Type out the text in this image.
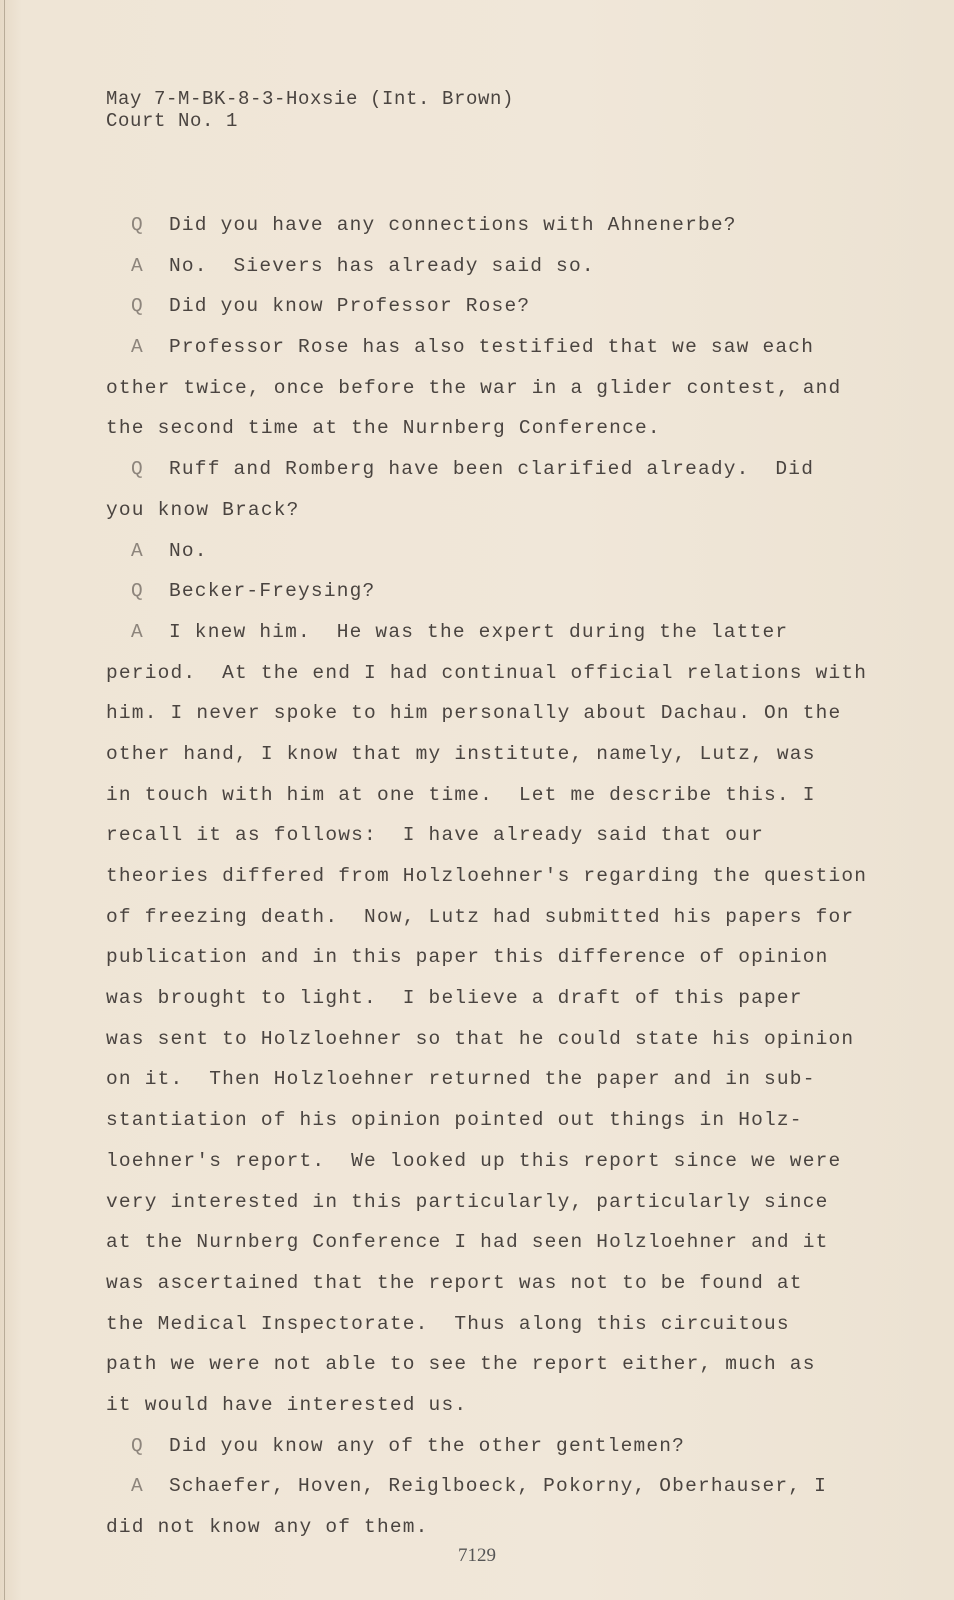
May 7-M-BK-8-3-Hoxsie (Int. Brown)
Court No. 1
Q Did you have any connections with Ahnenerbe?
A No.  Sievers has already said so.
Q Did you know Professor Rose?
A Professor Rose has also testified that we saw each
other twice, once before the war in a glider contest, and
the second time at the Nurnberg Conference.
Q Ruff and Romberg have been clarified already.  Did
you know Brack?
A No.
Q Becker-Freysing?
A I knew him.  He was the expert during the latter
period.  At the end I had continual official relations with
him. I never spoke to him personally about Dachau. On the
other hand, I know that my institute, namely, Lutz, was
in touch with him at one time.  Let me describe this. I
recall it as follows:  I have already said that our
theories differed from Holzloehner's regarding the question
of freezing death.  Now, Lutz had submitted his papers for
publication and in this paper this difference of opinion
was brought to light.  I believe a draft of this paper
was sent to Holzloehner so that he could state his opinion
on it.  Then Holzloehner returned the paper and in sub-
stantiation of his opinion pointed out things in Holz-
loehner's report.  We looked up this report since we were
very interested in this particularly, particularly since
at the Nurnberg Conference I had seen Holzloehner and it
was ascertained that the report was not to be found at
the Medical Inspectorate.  Thus along this circuitous
path we were not able to see the report either, much as
it would have interested us.
Q Did you know any of the other gentlemen?
A Schaefer, Hoven, Reiglboeck, Pokorny, Oberhauser, I
did not know any of them.
7129
